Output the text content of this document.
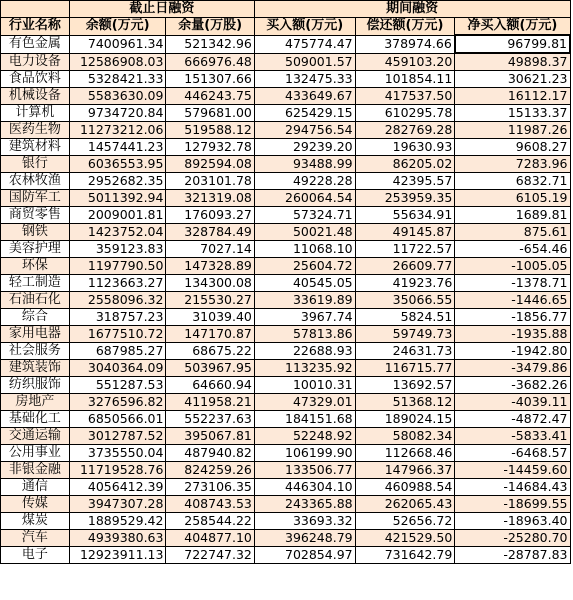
	截止日融资		期间融资		
行业名称	余额(万元)	余量(万股)	买入额(万元)	偿还额(万元)	净买入额(万元)
有色金属	7400961.34	521342.96	475774.47	378974.66	96799.81
电力设备	12586908.03	666976.48	509001.57	459103.20	49898.37
食品饮料	5328421.33	151307.66	132475.33	101854.11	30621.23
机械设备	5583630.09	446243.75	433649.67	417537.50	16112.17
计算机	9734720.84	579681.00	625429.15	610295.78	15133.37
医药生物	11273212.06	519588.12	294756.54	282769.28	11987.26
建筑材料	1457441.23	127932.78	29239.20	19630.93	9608.27
银行	6036553.95	892594.08	93488.99	86205.02	7283.96
农林牧渔	2952682.35	203101.78	49228.28	42395.57	6832.71
国防军工	5011392.94	321319.08	260064.54	253959.35	6105.19
商贸零售	2009001.81	176093.27	57324.71	55634.91	1689.81
钢铁	1423752.04	328784.49	50021.48	49145.87	875.61
美容护理	359123.83	7027.14	11068.10	11722.57	-654.46
环保	1197790.50	147328.89	25604.72	26609.77	-1005.05
轻工制造	1123663.27	134300.08	40545.05	41923.76	-1378.71
石油石化	2558096.32	215530.27	33619.89	35066.55	-1446.65
综合	318757.23	31039.40	3967.74	5824.51	-1856.77
家用电器	1677510.72	147170.87	57813.86	59749.73	-1935.88
社会服务	687985.27	68675.22	22688.93	24631.73	-1942.80
建筑装饰	3040364.09	503967.95	113235.92	116715.77	-3479.86
纺织服饰	551287.53	64660.94	10010.31	13692.57	-3682.26
房地产	3276596.82	411958.21	47329.01	51368.12	-4039.11
基础化工	6850566.01	552237.63	184151.68	189024.15	-4872.47
交通运输	3012787.52	395067.81	52248.92	58082.34	-5833.41
公用事业	3735550.04	487940.82	106199.90	112668.46	-6468.57
非银金融	11719528.76	824259.26	133506.77	147966.37	-14459.60
通信	4056412.39	273106.35	446304.10	460988.54	-14684.43
传媒	3947307.28	408743.53	243365.88	262065.43	-18699.55
煤炭	1889529.42	258544.22	33693.32	52656.72	-18963.40
汽车	4939380.63	404877.10	396248.79	421529.50	-25280.70
电子	12923911.13	722747.32	702854.97	731642.79	-28787.83
